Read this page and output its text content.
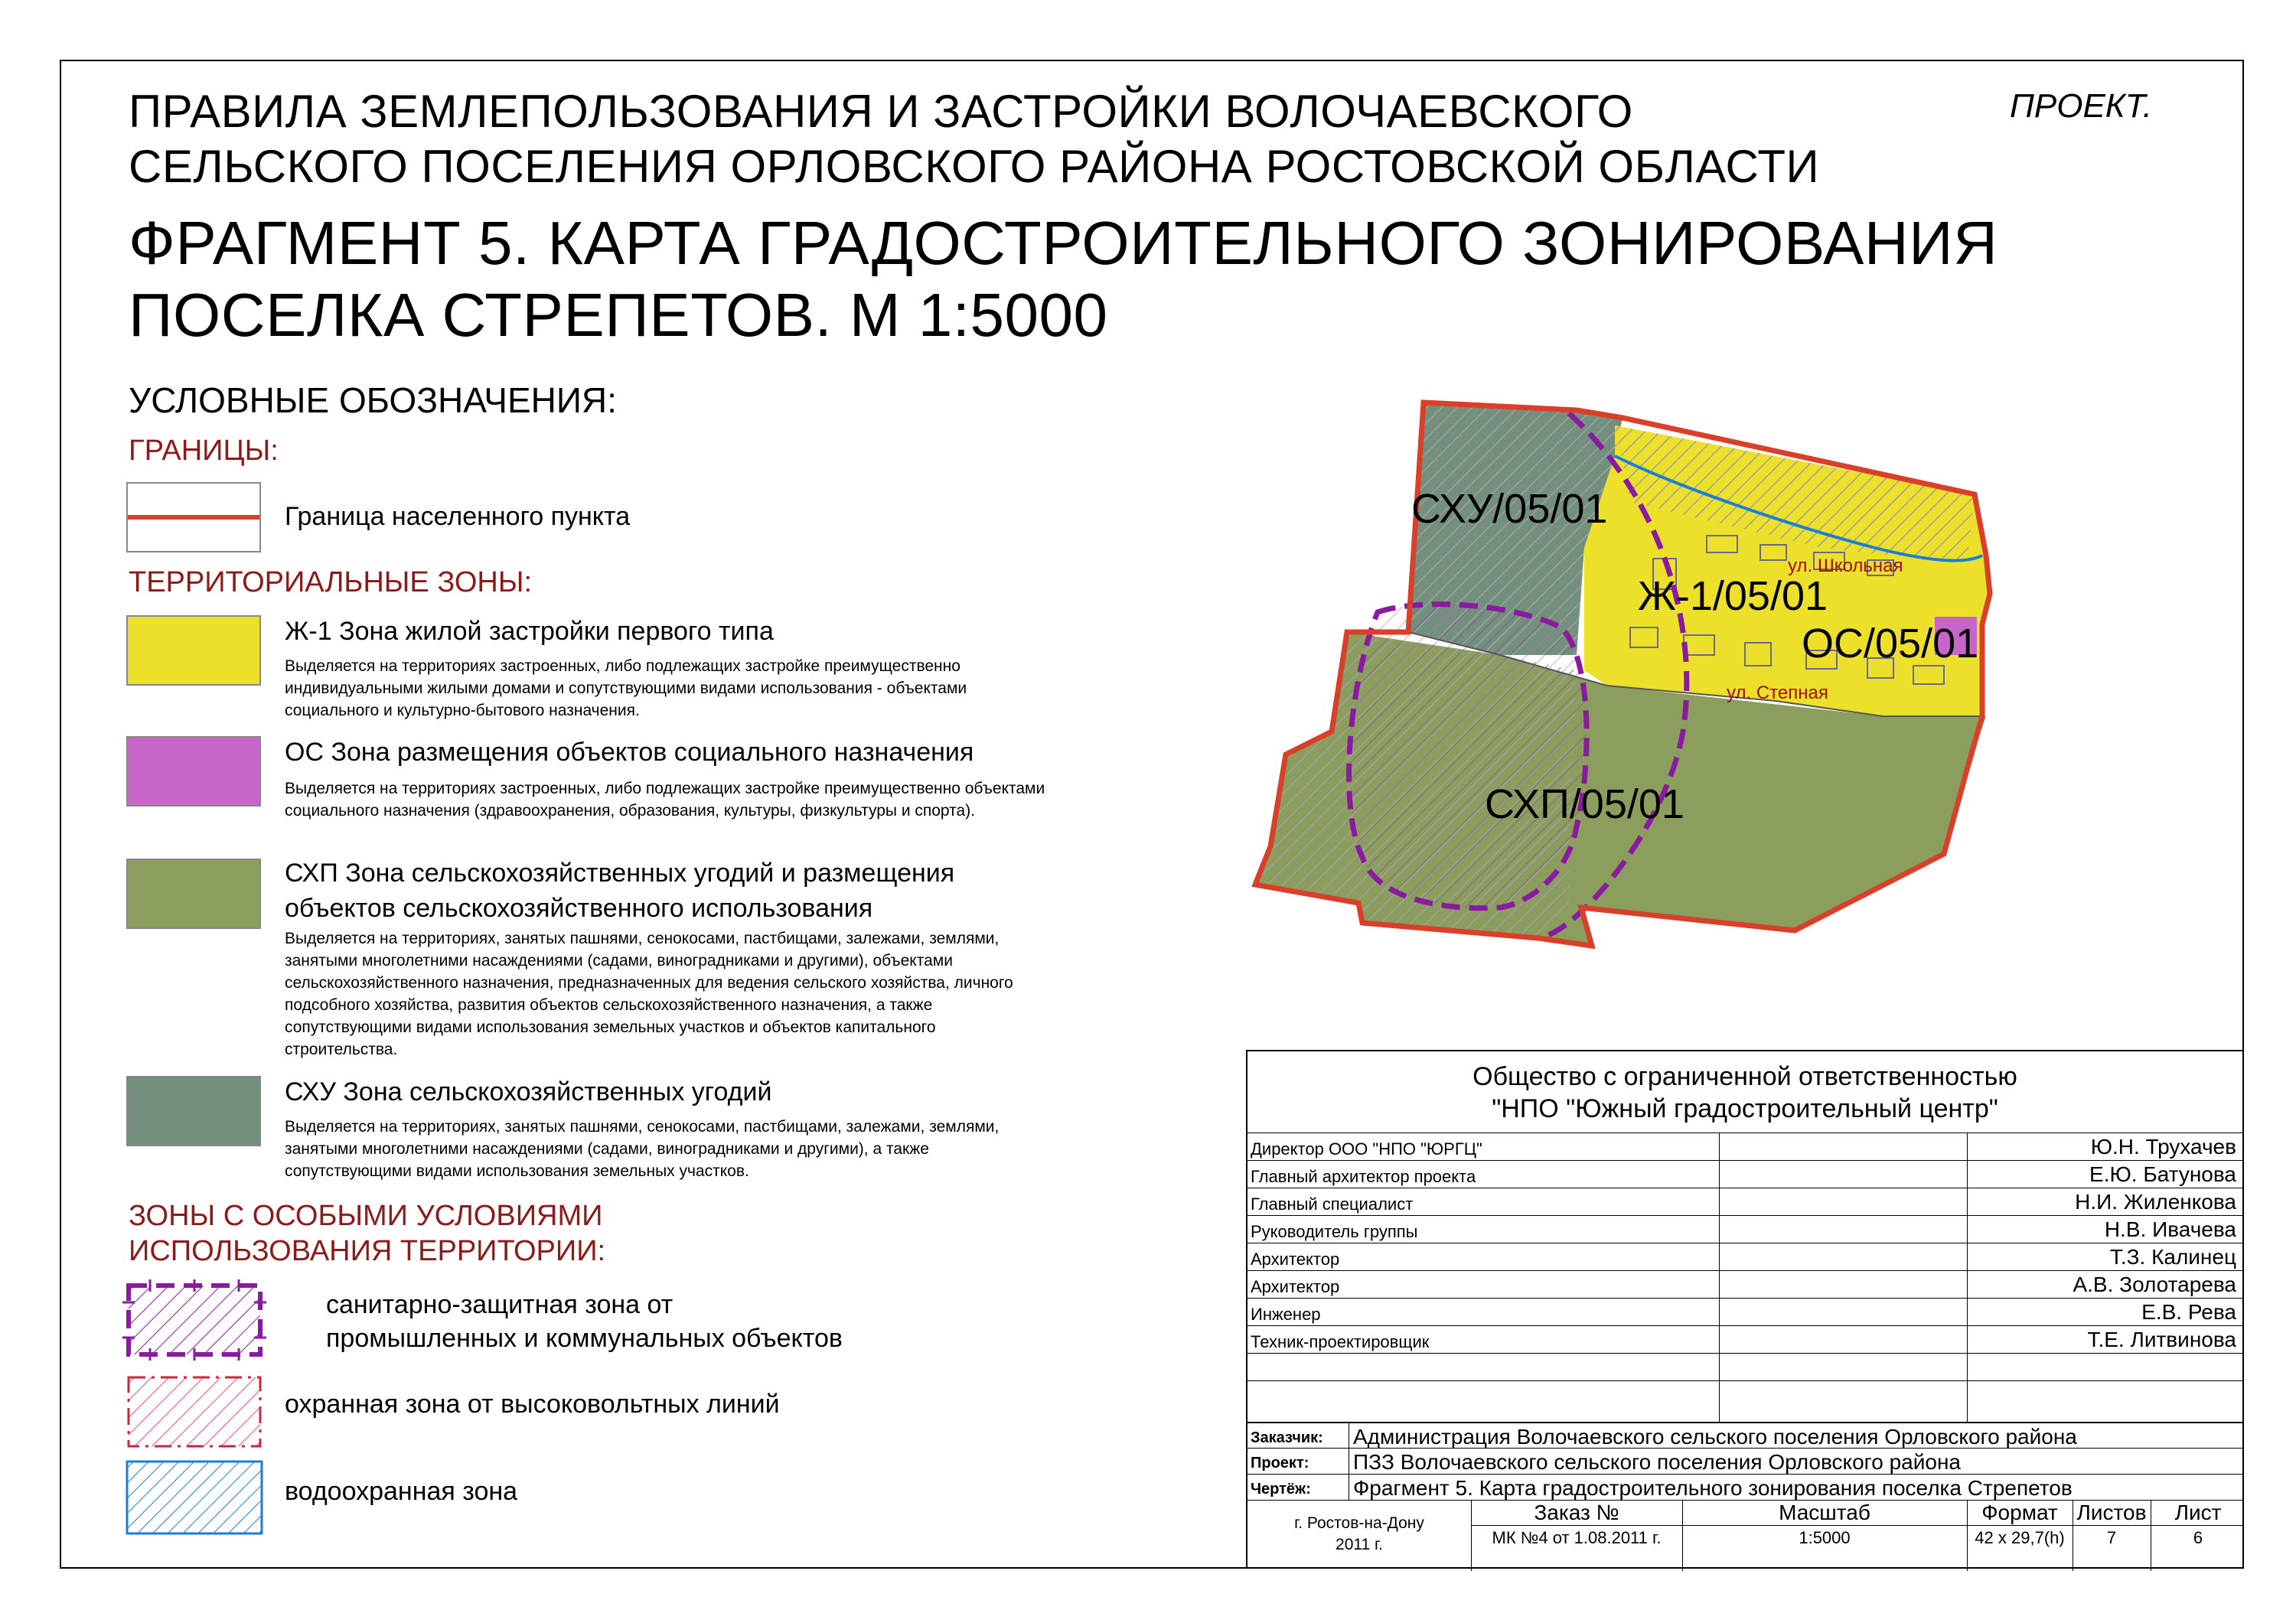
ПРАВИЛА ЗЕМЛЕПОЛЬЗОВАНИЯ И ЗАСТРОЙКИ ВОЛОЧАЕВСКОГО
СЕЛЬСКОГО ПОСЕЛЕНИЯ ОРЛОВСКОГО РАЙОНА РОСТОВСКОЙ ОБЛАСТИ
ФРАГМЕНТ 5. КАРТА ГРАДОСТРОИТЕЛЬНОГО ЗОНИРОВАНИЯ
ПОСЕЛКА СТРЕПЕТОВ. М 1:5000
ПРОЕКТ.
УСЛОВНЫЕ ОБОЗНАЧЕНИЯ:
ГРАНИЦЫ:
Граница населенного пункта
ТЕРРИТОРИАЛЬНЫЕ ЗОНЫ:
Ж-1 Зона жилой застройки первого типа
Выделяется на территориях застроенных, либо подлежащих застройке преимущественно индивидуальными жилыми домами и сопутствующими видами использования - объектами социального и культурно-бытового назначения.
ОС Зона размещения объектов социального назначения
Выделяется на территориях застроенных, либо подлежащих застройке преимущественно объектами социального назначения (здравоохранения, образования, культуры, физкультуры и спорта).
СХП Зона сельскохозяйственных угодий и размещения
объектов сельскохозяйственного использования
Выделяется на территориях, занятых пашнями, сенокосами, пастбищами, залежами, землями, занятыми многолетними насаждениями (садами, виноградниками и другими), объектами сельскохозяйственного назначения, предназначенных для ведения сельского хозяйства, личного подсобного хозяйства, развития объектов сельскохозяйственного назначения, а также сопутствующими видами использования земельных участков и объектов капитального строительства.
СХУ Зона сельскохозяйственных угодий
Выделяется на территориях, занятых пашнями, сенокосами, пастбищами, залежами, землями, занятыми многолетними насаждениями (садами, виноградниками и другими), а также сопутствующими видами использования земельных участков.
ЗОНЫ С ОСОБЫМИ УСЛОВИЯМИ
ИСПОЛЬЗОВАНИЯ ТЕРРИТОРИИ:
санитарно-защитная зона от
промышленных и коммунальных объектов
охранная зона от высоковольтных линий
водоохранная зона
СХУ/05/01
Ж-1/05/01
ОС/05/01
СХП/05/01
ул. Школьная
ул. Степная
Общество с ограниченной ответственностью
"НПО "Южный градостроительный центр"
Директор ООО "НПО "ЮРГЦ"	Ю.Н. Трухачев
Главный архитектор проекта	Е.Ю. Батунова
Главный специалист	Н.И. Жиленкова
Руководитель группы	Н.В. Ивачева
Архитектор	Т.З. Калинец
Архитектор	А.В. Золотарева
Инженер	Е.В. Рева
Техник-проектировщик	Т.Е. Литвинова
Заказчик: Администрация Волочаевского сельского поселения Орловского района
Проект: ПЗЗ Волочаевского сельского поселения Орловского района
Чертёж: Фрагмент 5. Карта градостроительного зонирования поселка Стрепетов
г. Ростов-на-Дону
2011 г.
Заказ №	Масштаб	Формат Листов	Лист
МК №4 от 1.08.2011 г.	1:5000	42 х 29,7(h)	7	6
